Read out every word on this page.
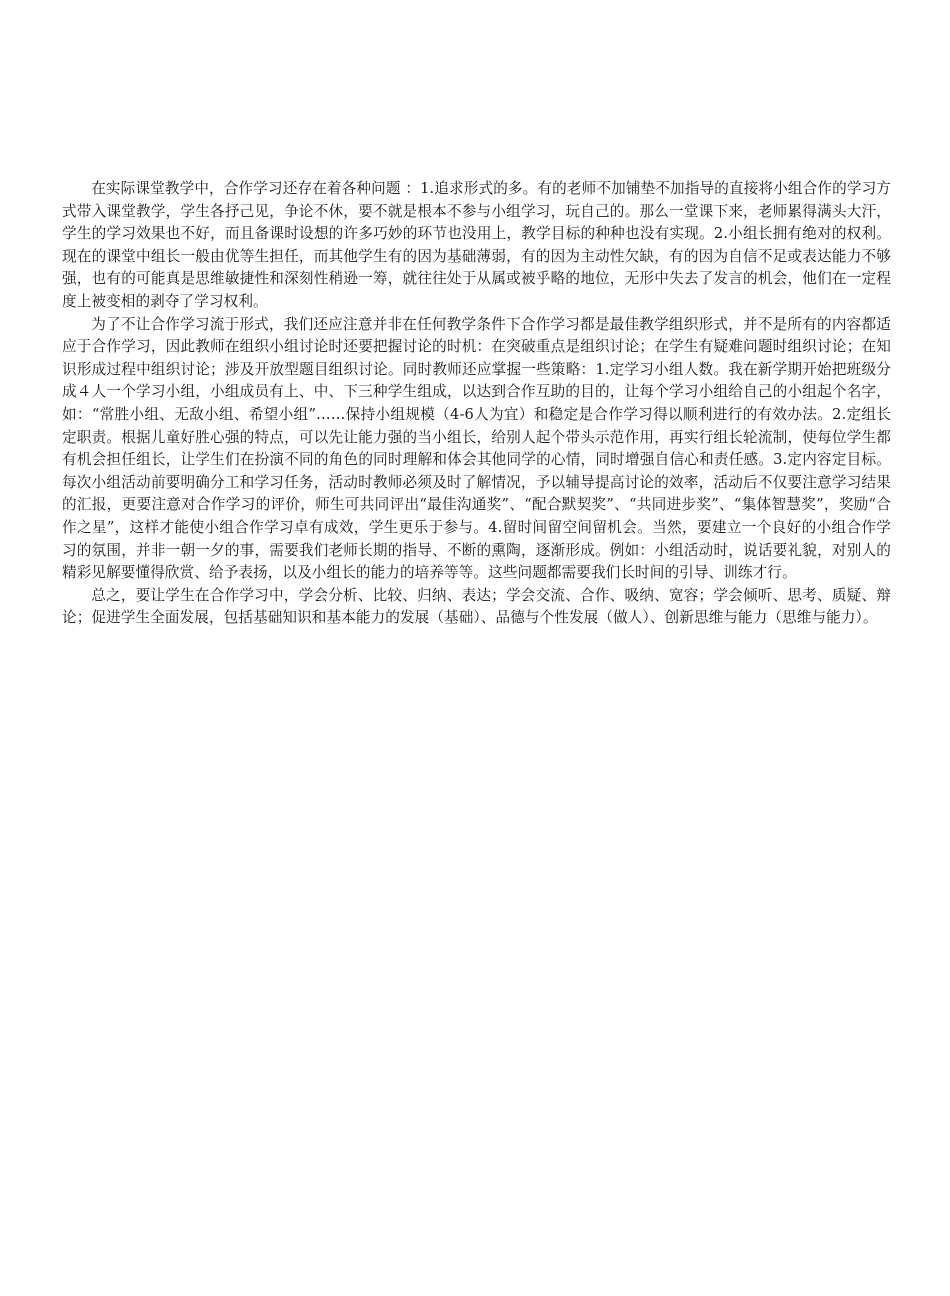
在实际课堂教学中，合作学习还存在着各种问题 ：1.追求形式的多。有的老师不加铺垫不加指导的直接将小组合作的学习方式带入课堂教学，学生各抒己见，争论不休，要不就是根本不参与小组学习，玩自己的。那么一堂课下来，老师累得满头大汗，学生的学习效果也不好，而且备课时设想的许多巧妙的环节也没用上，教学目标的种种也没有实现。2.小组长拥有绝对的权利。现在的课堂中组长一般由优等生担任，而其他学生有的因为基础薄弱，有的因为主动性欠缺，有的因为自信不足或表达能力不够强，也有的可能真是思维敏捷性和深刻性稍逊一筹，就往往处于从属或被乎略的地位，无形中失去了发言的机会，他们在一定程度上被变相的剥夺了学习权利。

为了不让合作学习流于形式，我们还应注意并非在任何教学条件下合作学习都是最佳教学组织形式，并不是所有的内容都适应于合作学习，因此教师在组织小组讨论时还要把握讨论的时机：在突破重点是组织讨论；在学生有疑难问题时组织讨论；在知识形成过程中组织讨论；涉及开放型题目组织讨论。同时教师还应掌握一些策略：1.定学习小组人数。我在新学期开始把班级分成４人一个学习小组，小组成员有上、中、下三种学生组成，以达到合作互助的目的，让每个学习小组给自己的小组起个名字，如：“常胜小组、无敌小组、希望小组”……保持小组规模（4-6人为宜）和稳定是合作学习得以顺利进行的有效办法。2.定组长定职责。根据儿童好胜心强的特点，可以先让能力强的当小组长，给别人起个带头示范作用，再实行组长轮流制，使每位学生都有机会担任组长，让学生们在扮演不同的角色的同时理解和体会其他同学的心情，同时增强自信心和责任感。3.定内容定目标。每次小组活动前要明确分工和学习任务，活动时教师必须及时了解情况，予以辅导提高讨论的效率，活动后不仅要注意学习结果的汇报，更要注意对合作学习的评价，师生可共同评出“最佳沟通奖”、“配合默契奖”、“共同进步奖”、“集体智慧奖”，奖励“合作之星”，这样才能使小组合作学习卓有成效，学生更乐于参与。4.留时间留空间留机会。当然，要建立一个良好的小组合作学习的氛围，并非一朝一夕的事，需要我们老师长期的指导、不断的熏陶，逐渐形成。例如：小组活动时，说话要礼貌，对别人的精彩见解要懂得欣赏、给予表扬，以及小组长的能力的培养等等。这些问题都需要我们长时间的引导、训练才行。

总之，要让学生在合作学习中，学会分析、比较、归纳、表达；学会交流、合作、吸纳、宽容；学会倾听、思考、质疑、辩论；促进学生全面发展，包括基础知识和基本能力的发展（基础）、品德与个性发展（做人）、创新思维与能力（思维与能力）。
